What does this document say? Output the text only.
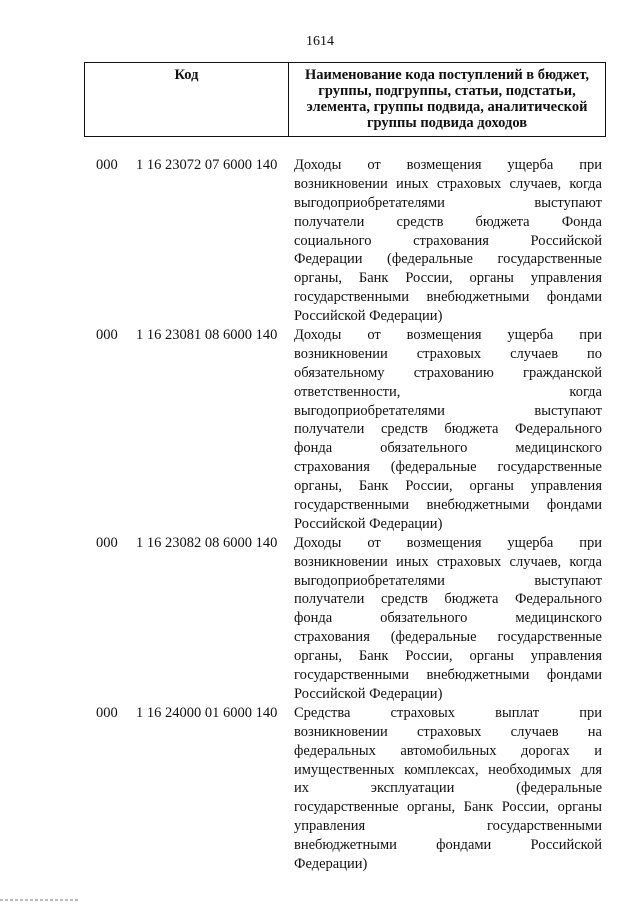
1614
Код	Наименование кода поступлений в бюджет,
группы, подгруппы, статьи, подстатьи,
элемента, группы подвида, аналитической
группы подвида доходов
000	1 16 23072 07 6000 140	Доходы от возмещения ущерба при
возникновении иных страховых случаев, когда
выгодоприобретателями выступают
получатели средств бюджета Фонда
социального страхования Российской
Федерации (федеральные государственные
органы, Банк России, органы управления
государственными внебюджетными фондами
Российской Федерации)
000	1 16 23081 08 6000 140	Доходы от возмещения ущерба при
возникновении страховых случаев по
обязательному страхованию гражданской
ответственности, когда
выгодоприобретателями выступают
получатели средств бюджета Федерального
фонда обязательного медицинского
страхования (федеральные государственные
органы, Банк России, органы управления
государственными внебюджетными фондами
Российской Федерации)
000	1 16 23082 08 6000 140	Доходы от возмещения ущерба при
возникновении иных страховых случаев, когда
выгодоприобретателями выступают
получатели средств бюджета Федерального
фонда обязательного медицинского
страхования (федеральные государственные
органы, Банк России, органы управления
государственными внебюджетными фондами
Российской Федерации)
000	1 16 24000 01 6000 140	Средства страховых выплат при
возникновении страховых случаев на
федеральных автомобильных дорогах и
имущественных комплексах, необходимых для
их эксплуатации (федеральные
государственные органы, Банк России, органы
управления государственными
внебюджетными фондами Российской
Федерации)
